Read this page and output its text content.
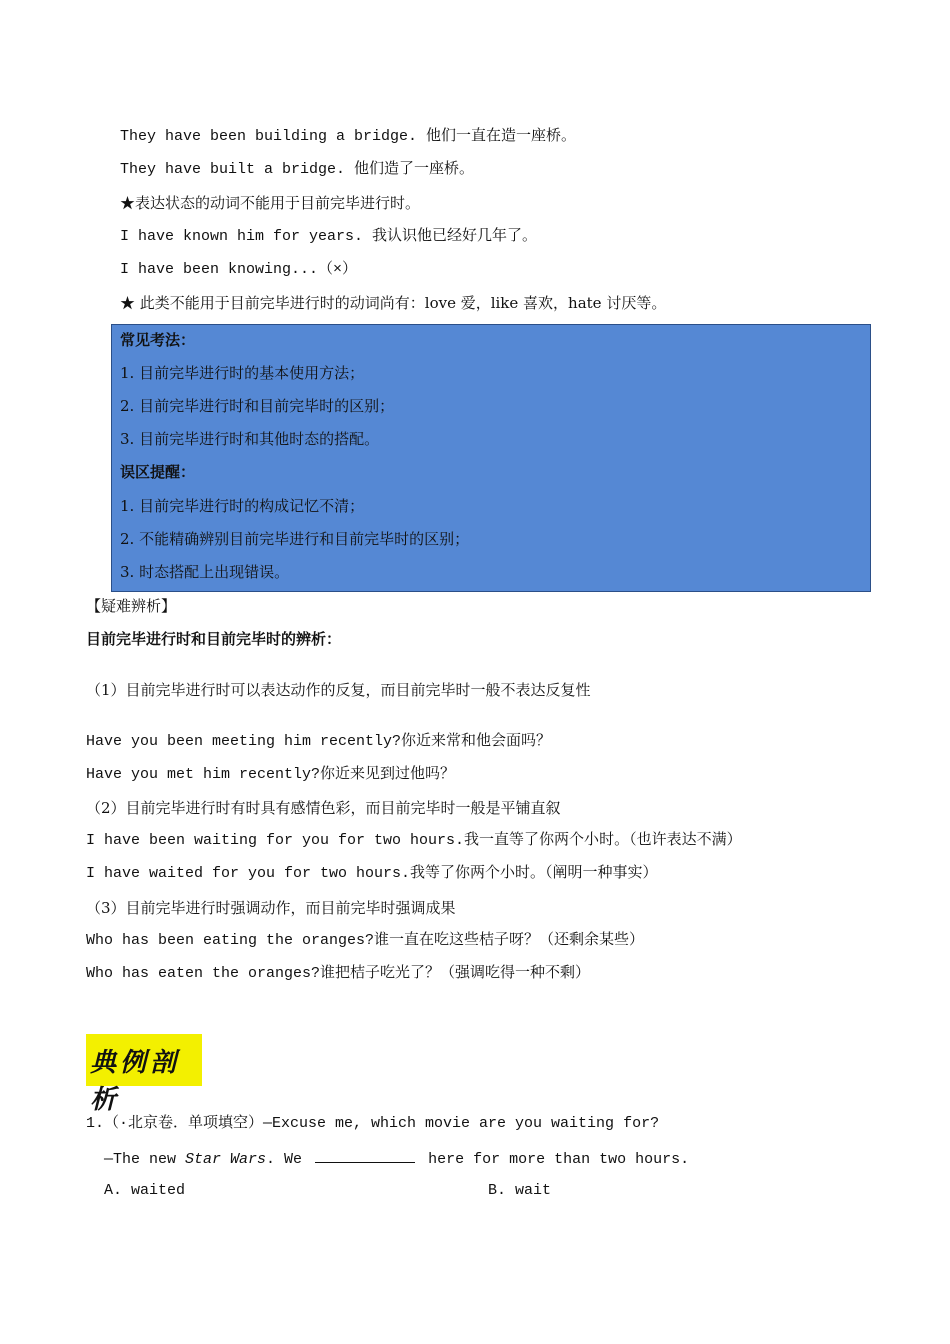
They have been building a bridge. 他们一直在造一座桥。
They have built a bridge. 他们造了一座桥。
★表达状态的动词不能用于目前完毕进行时。
I have known him for years. 我认识他已经好几年了。
I have been knowing...（×）
★ 此类不能用于目前完毕进行时的动词尚有：love 爱，like 喜欢，hate 讨厌等。
常见考法：
1. 目前完毕进行时的基本使用方法；
2. 目前完毕进行时和目前完毕时的区别；
3. 目前完毕进行时和其他时态的搭配。
误区提醒：
1. 目前完毕进行时的构成记忆不清；
2. 不能精确辨别目前完毕进行和目前完毕时的区别；
3. 时态搭配上出现错误。
【疑难辨析】
目前完毕进行时和目前完毕时的辨析：
（1）目前完毕进行时可以表达动作的反复，而目前完毕时一般不表达反复性
Have you been meeting him recently?你近来常和他会面吗？
Have you met him recently?你近来见到过他吗？
（2）目前完毕进行时有时具有感情色彩，而目前完毕时一般是平铺直叙
I have been waiting for you for two hours.我一直等了你两个小时。（也许表达不满）
I have waited for you for two hours.我等了你两个小时。（阐明一种事实）
（3）目前完毕进行时强调动作，而目前完毕时强调成果
Who has been eating the oranges?谁一直在吃这些桔子呀？（还剩余某些）
Who has eaten the oranges?谁把桔子吃光了？（强调吃得一种不剩）
典例剖析
1.（·北京卷．单项填空）—Excuse me, which movie are you waiting for?
—The new Star Wars. We	here for more than two hours.
A. waited	B. wait
